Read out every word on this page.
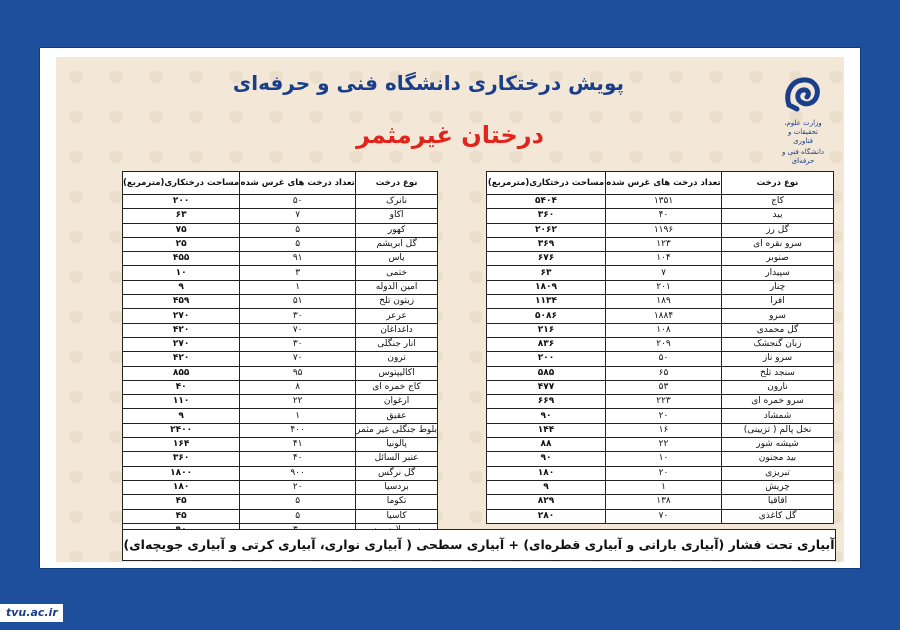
پویش درختکاری دانشگاه فنی و حرفه‌ای
درختان غیرمثمر	وزارت علوم، تحقیقات و فناوری
دانشگاه فنی و حرفه‌ای
نوع درخت	تعداد درخت های غرس شده	مساحت درختکاری(مترمربع)
کاج	۱۳۵۱	۵۴۰۴
بید	۴۰	۳۶۰
گل رز	۱۱۹۶	۲۰۶۲
سرو نقره ای	۱۲۳	۳۶۹
صنوبر	۱۰۴	۶۷۶
سپیدار	۷	۶۳
چنار	۲۰۱	۱۸۰۹
افرا	۱۸۹	۱۱۳۴
سرو	۱۸۸۴	۵۰۸۶
گل محمدی	۱۰۸	۲۱۶
زبان گنجشک	۲۰۹	۸۳۶
سرو ناز	۵۰	۲۰۰
سنجد تلخ	۶۵	۵۸۵
نارون	۵۳	۴۷۷
سرو خمره ای	۲۲۳	۶۶۹
شمشاد	۲۰	۹۰
نخل پالم ( تزیینی)	۱۶	۱۴۴
شیشه شور	۲۲	۸۸
بید مجنون	۱۰	۹۰
تبریزی	۲۰	۱۸۰
چریش	۱	۹
اقاقیا	۱۳۸	۸۲۹
گل کاغذی	۷۰	۲۸۰
نوع درخت	تعداد درخت های غرس شده	مساحت درختکاری(مترمربع)
نانرک	۵۰	۲۰۰
اکاو	۷	۶۳
کهور	۵	۷۵
گل ابریشم	۵	۲۵
یاس	۹۱	۴۵۵
ختمی	۳	۱۰
امین الدوله	۱	۹
زیتون تلخ	۵۱	۴۵۹
عرعر	۳۰	۲۷۰
داغداغان	۷۰	۴۲۰
انار جنگلی	۳۰	۲۷۰
ترون	۷۰	۴۲۰
اکالیپتوس	۹۵	۸۵۵
کاج خمره ای	۸	۴۰
ارغوان	۲۲	۱۱۰
عقیق	۱	۹
بلوط جنگلی غیر مثمر	۴۰۰	۲۴۰۰
پالونیا	۴۱	۱۶۴
عنبر السائل	۴۰	۳۶۰
گل نرگس	۹۰۰	۱۸۰۰
بردسیا	۲۰	۱۸۰
تکوما	۵	۴۵
کاسیا	۵	۴۵

آبیاری تحت فشار (آبیاری بارانی و آبیاری قطره‌ای) + آبیاری سطحی ( آبیاری نواری، آبیاری کرتی و آبیاری جویچه‌ای)
tvu.ac.ir
